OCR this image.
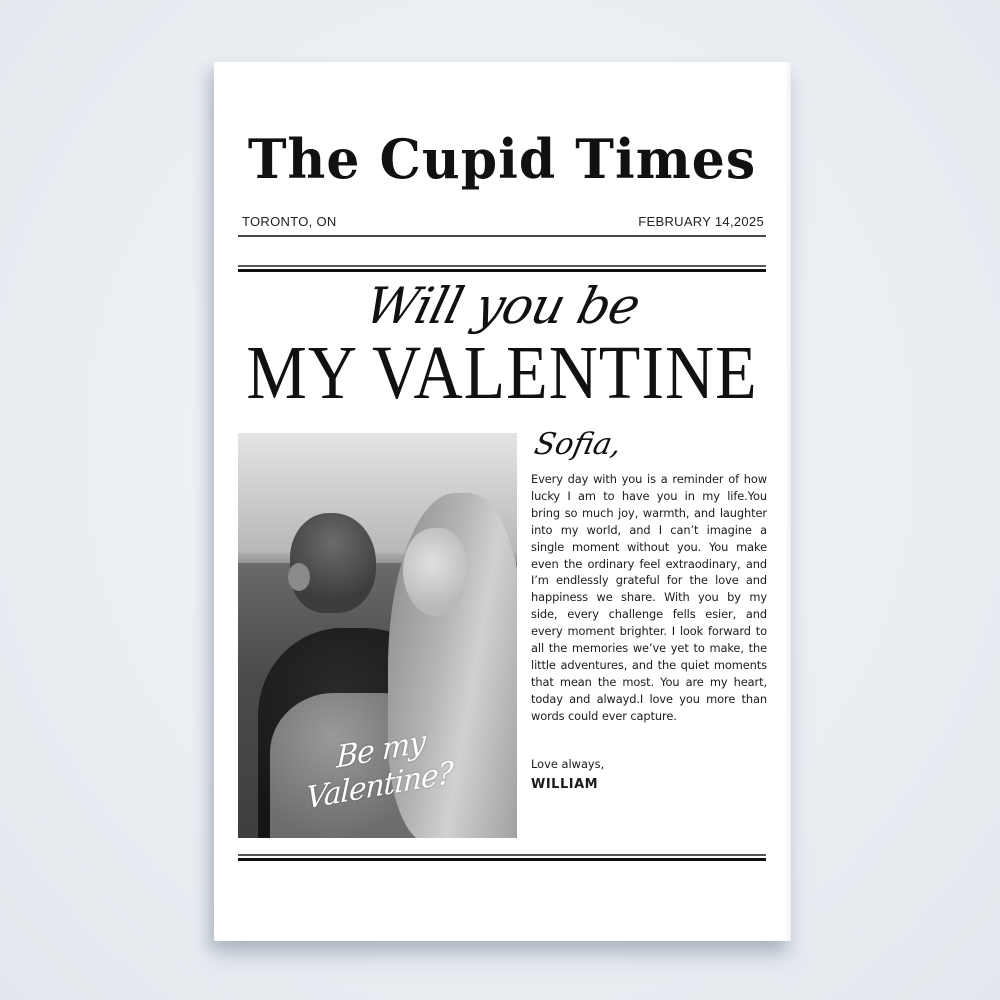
The Cupid Times
TORONTO, ON	FEBRUARY 14,2025
Will you be
MY VALENTINE
Be my Valentine?
Sofia,
Every day with you is a reminder of how lucky I am to have you in my life.You bring so much joy, warmth, and laughter into my world, and I can’t imagine a single moment without you. You make even the ordinary feel extraodinary, and I’m endlessly grateful for the love and happiness we share. With you by my side, every challenge fells esier, and every moment brighter. I look forward to all the memories we’ve yet to make, the little adventures, and the quiet moments that mean the most. You are my heart, today and alwayd.I love you more than words could ever capture.
Love always,
WILLIAM
